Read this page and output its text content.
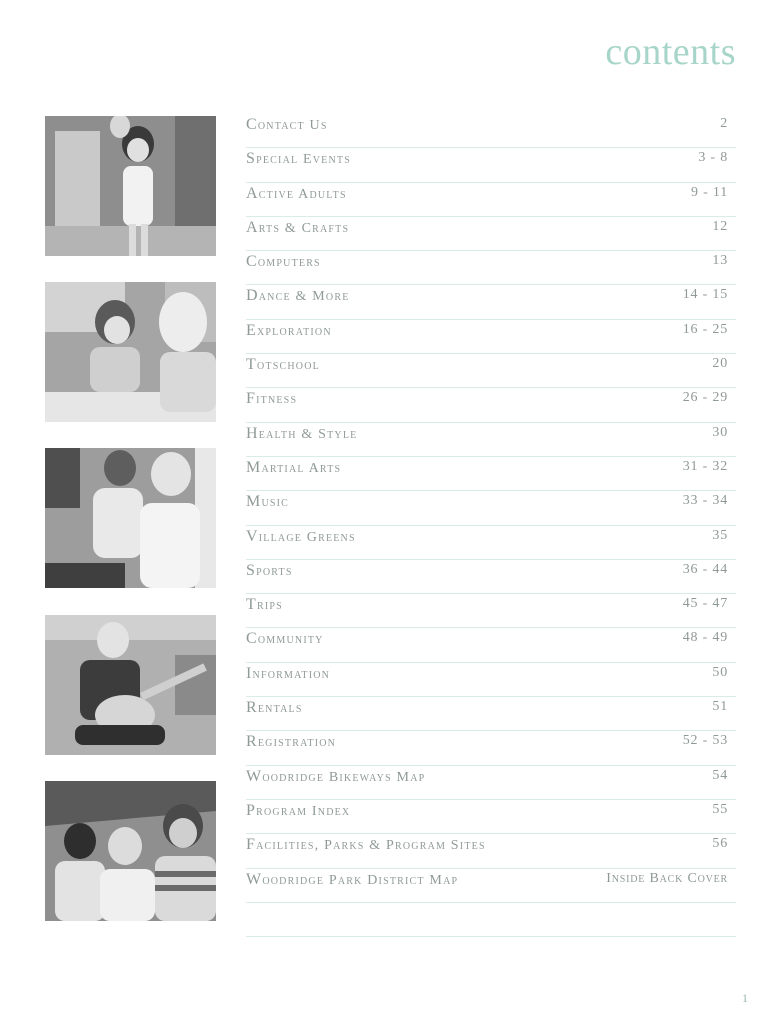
contents
Contact Us	2
Special Events	3 - 8
Active Adults	9 - 11
Arts & Crafts	12
Computers	13
Dance & More	14 - 15
Exploration	16 - 25
Totschool	20
Fitness	26 - 29
Health & Style	30
Martial Arts	31 - 32
Music	33 - 34
Village Greens	35
Sports	36 - 44
Trips	45 - 47
Community	48 - 49
Information	50
Rentals	51
Registration	52 - 53
Woodridge Bikeways Map	54
Program Index	55
Facilities, Parks & Program Sites	56
Woodridge Park District Map	Inside Back Cover
1
